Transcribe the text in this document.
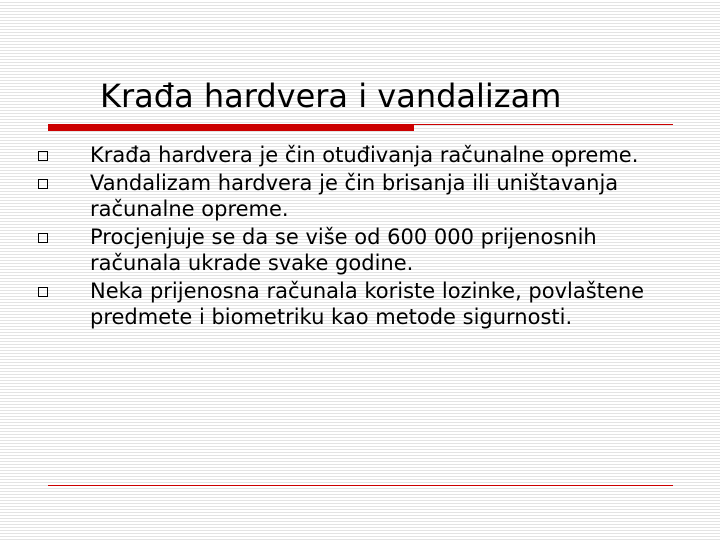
Krađa hardvera i vandalizam
Krađa hardvera je čin otuđivanja računalne opreme.
Vandalizam hardvera je čin brisanja ili uništavanja računalne opreme.
Procjenjuje se da se više od 600 000 prijenosnih računala ukrade svake godine.
Neka prijenosna računala koriste lozinke, povlaštene predmete i biometriku kao metode sigurnosti.
